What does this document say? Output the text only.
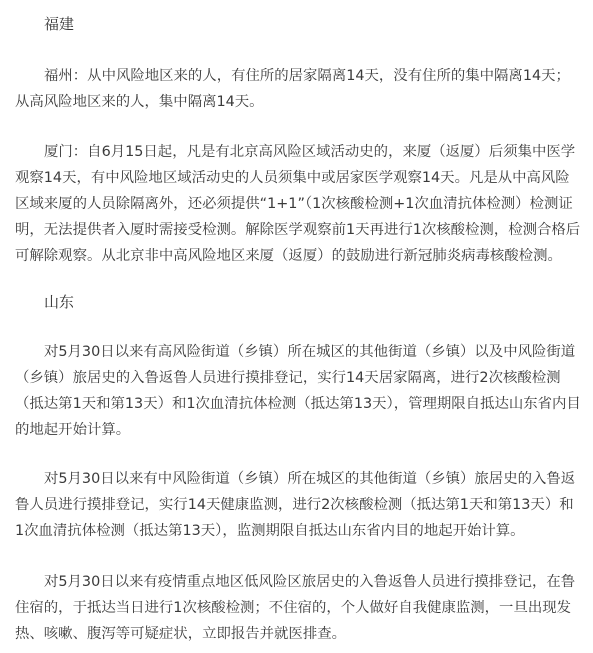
福建

福州：从中风险地区来的人，有住所的居家隔离14天，没有住所的集中隔离14天；从高风险地区来的人，集中隔离14天。

厦门：自6月15日起，凡是有北京高风险区域活动史的，来厦（返厦）后须集中医学观察14天，有中风险地区域活动史的人员须集中或居家医学观察14天。凡是从中高风险区域来厦的人员除隔离外，还必须提供“1+1”（1次核酸检测+1次血清抗体检测）检测证明，无法提供者入厦时需接受检测。解除医学观察前1天再进行1次核酸检测，检测合格后可解除观察。从北京非中高风险地区来厦（返厦）的鼓励进行新冠肺炎病毒核酸检测。

山东

对5月30日以来有高风险街道（乡镇）所在城区的其他街道（乡镇）以及中风险街道（乡镇）旅居史的入鲁返鲁人员进行摸排登记，实行14天居家隔离，进行2次核酸检测（抵达第1天和第13天）和1次血清抗体检测（抵达第13天），管理期限自抵达山东省内目的地起开始计算。

对5月30日以来有中风险街道（乡镇）所在城区的其他街道（乡镇）旅居史的入鲁返鲁人员进行摸排登记，实行14天健康监测，进行2次核酸检测（抵达第1天和第13天）和1次血清抗体检测（抵达第13天），监测期限自抵达山东省内目的地起开始计算。

对5月30日以来有疫情重点地区低风险区旅居史的入鲁返鲁人员进行摸排登记，在鲁住宿的，于抵达当日进行1次核酸检测；不住宿的，个人做好自我健康监测，一旦出现发热、咳嗽、腹泻等可疑症状，立即报告并就医排查。
